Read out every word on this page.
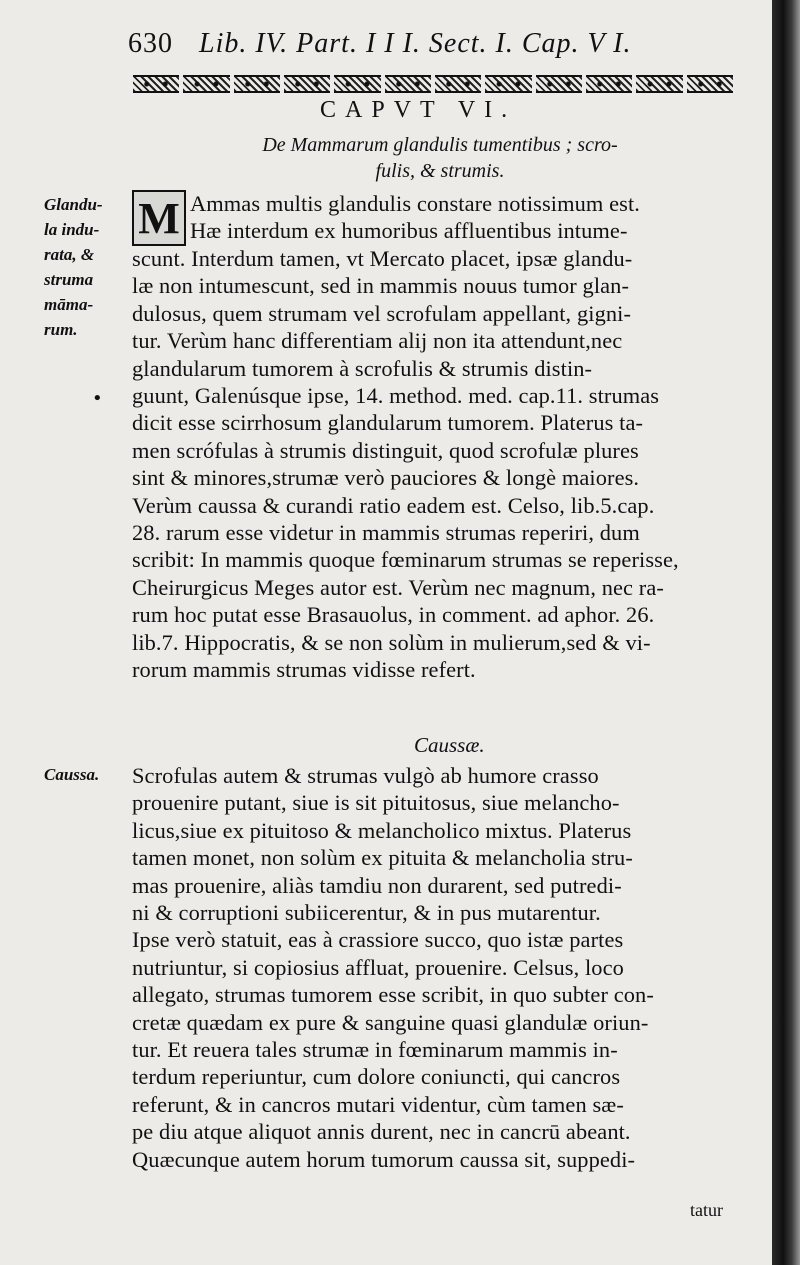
630 Lib. IV. Part. I I I. Sect. I. Cap. V I.
CAPVT VI.
De Mammarum glandulis tumentibus ; scro-
fulis, & strumis.
Glandu-
la indu-
rata, &
struma
māma-
rum.
•
Caussa.
M Ammas multis glandulis constare notissimum est.
Hæ interdum ex humoribus affluentibus intume-
scunt. Interdum tamen, vt Mercato placet, ipsæ glandu-
læ non intumescunt, sed in mammis nouus tumor glan-
dulosus, quem strumam vel scrofulam appellant, gigni-
tur. Verùm hanc differentiam alij non ita attendunt,nec
glandularum tumorem à scrofulis & strumis distin-
guunt, Galenúsque ipse, 14. method. med. cap.11. strumas
dicit esse scirrhosum glandularum tumorem. Platerus ta-
men scrófulas à strumis distinguit, quod scrofulæ plures
sint & minores,strumæ verò pauciores & longè maiores.
Verùm caussa & curandi ratio eadem est. Celso, lib.5.cap.
28. rarum esse videtur in mammis strumas reperiri, dum
scribit: In mammis quoque fœminarum strumas se reperisse,
Cheirurgicus Meges autor est. Verùm nec magnum, nec ra-
rum hoc putat esse Brasauolus, in comment. ad aphor. 26.
lib.7. Hippocratis, & se non solùm in mulierum,sed & vi-
rorum mammis strumas vidisse refert.
Caussæ.
Scrofulas autem & strumas vulgò ab humore crasso
prouenire putant, siue is sit pituitosus, siue melancho-
licus,siue ex pituitoso & melancholico mixtus. Platerus
tamen monet, non solùm ex pituita & melancholia stru-
mas prouenire, aliàs tamdiu non durarent, sed putredi-
ni & corruptioni subiicerentur, & in pus mutarentur.
Ipse verò statuit, eas à crassiore succo, quo istæ partes
nutriuntur, si copiosius affluat, prouenire. Celsus, loco
allegato, strumas tumorem esse scribit, in quo subter con-
cretæ quædam ex pure & sanguine quasi glandulæ oriun-
tur. Et reuera tales strumæ in fœminarum mammis in-
terdum reperiuntur, cum dolore coniuncti, qui cancros
referunt, & in cancros mutari videntur, cùm tamen sæ-
pe diu atque aliquot annis durent, nec in cancrū abeant.
Quæcunque autem horum tumorum caussa sit, suppedi-
tatur
